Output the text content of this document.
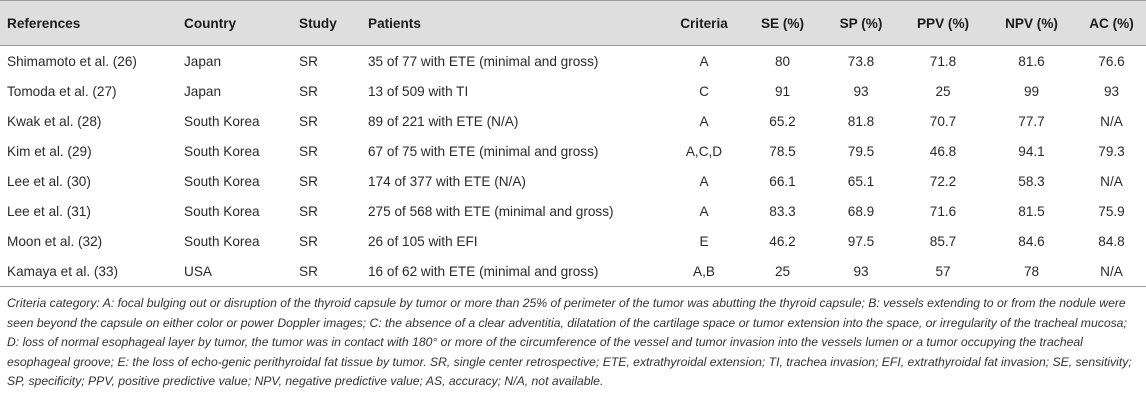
References	Country	Study	Patients	Criteria	SE (%)	SP (%)	PPV (%)	NPV (%)	AC (%)
Shimamoto et al. (26)	Japan	SR	35 of 77 with ETE (minimal and gross)	A	80	73.8	71.8	81.6	76.6
Tomoda et al. (27)	Japan	SR	13 of 509 with TI	C	91	93	25	99	93
Kwak et al. (28)	South Korea	SR	89 of 221 with ETE (N/A)	A	65.2	81.8	70.7	77.7	N/A
Kim et al. (29)	South Korea	SR	67 of 75 with ETE (minimal and gross)	A,C,D	78.5	79.5	46.8	94.1	79.3
Lee et al. (30)	South Korea	SR	174 of 377 with ETE (N/A)	A	66.1	65.1	72.2	58.3	N/A
Lee et al. (31)	South Korea	SR	275 of 568 with ETE (minimal and gross)	A	83.3	68.9	71.6	81.5	75.9
Moon et al. (32)	South Korea	SR	26 of 105 with EFI	E	46.2	97.5	85.7	84.6	84.8
Kamaya et al. (33)	USA	SR	16 of 62 with ETE (minimal and gross)	A,B	25	93	57	78	N/A
Criteria category: A: focal bulging out or disruption of the thyroid capsule by tumor or more than 25% of perimeter of the tumor was abutting the thyroid capsule; B: vessels extending to or from the nodule were seen beyond the capsule on either color or power Doppler images; C: the absence of a clear adventitia, dilatation of the cartilage space or tumor extension into the space, or irregularity of the tracheal mucosa; D: loss of normal esophageal layer by tumor, the tumor was in contact with 180° or more of the circumference of the vessel and tumor invasion into the vessels lumen or a tumor occupying the tracheal esophageal groove; E: the loss of echo-genic perithyroidal fat tissue by tumor. SR, single center retrospective; ETE, extrathyroidal extension; TI, trachea invasion; EFI, extrathyroidal fat invasion; SE, sensitivity; SP, specificity; PPV, positive predictive value; NPV, negative predictive value; AS, accuracy; N/A, not available.
